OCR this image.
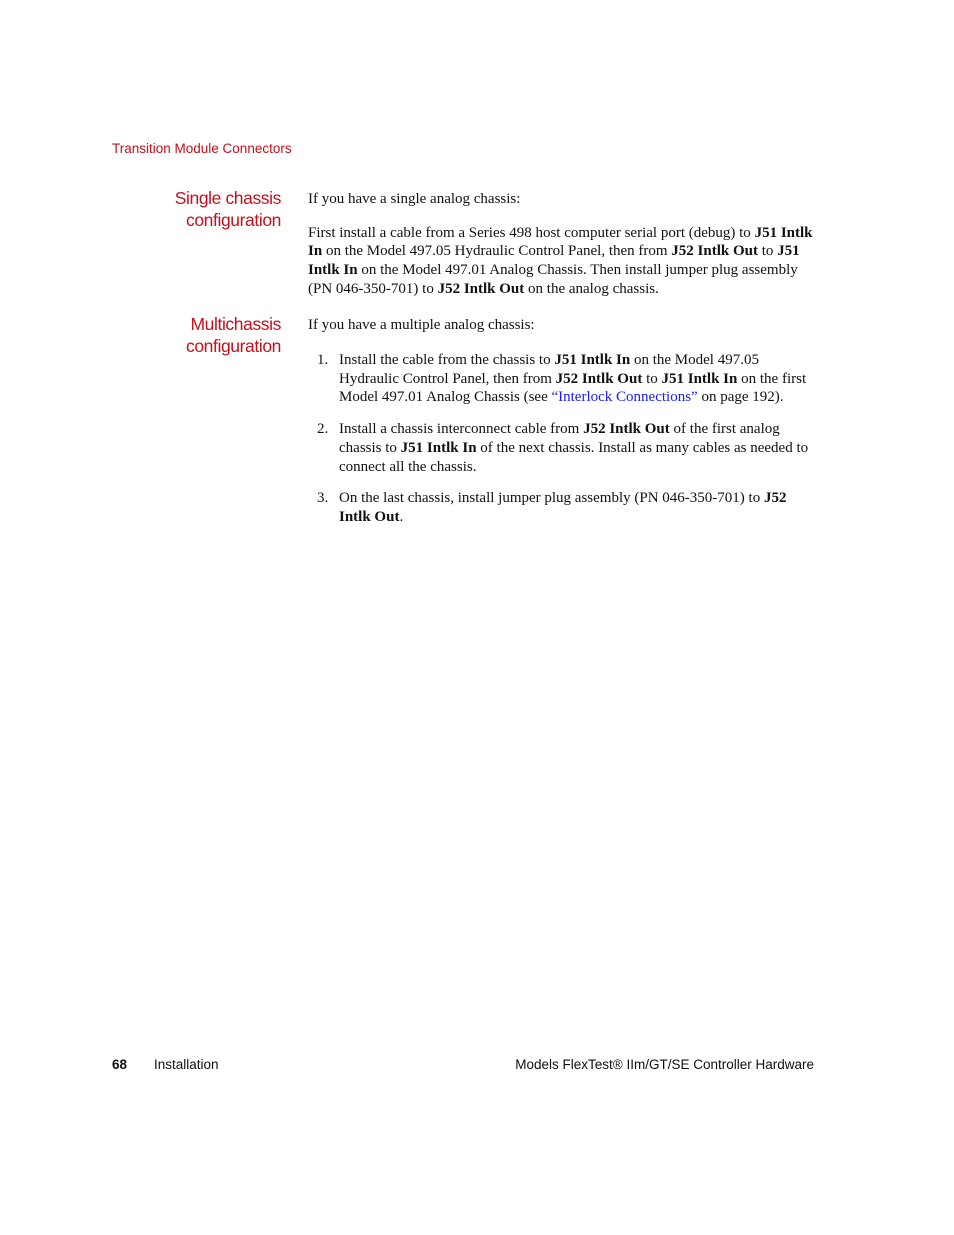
Transition Module Connectors
Single chassis
configuration

If you have a single analog chassis:

First install a cable from a Series 498 host computer serial port (debug) to J51 Intlk In on the Model 497.05 Hydraulic Control Panel, then from J52 Intlk Out to J51 Intlk In on the Model 497.01 Analog Chassis. Then install jumper plug assembly (PN 046-350-701) to J52 Intlk Out on the analog chassis.

Multichassis
configuration

If you have a multiple analog chassis:

1. Install the cable from the chassis to J51 Intlk In on the Model 497.05 Hydraulic Control Panel, then from J52 Intlk Out to J51 Intlk In on the first Model 497.01 Analog Chassis (see “Interlock Connections” on page 192).
2. Install a chassis interconnect cable from J52 Intlk Out of the first analog chassis to J51 Intlk In of the next chassis. Install as many cables as needed to connect all the chassis.
3. On the last chassis, install jumper plug assembly (PN 046-350-701) to J52 Intlk Out.
68 Installation	Models FlexTest® IIm/GT/SE Controller Hardware
